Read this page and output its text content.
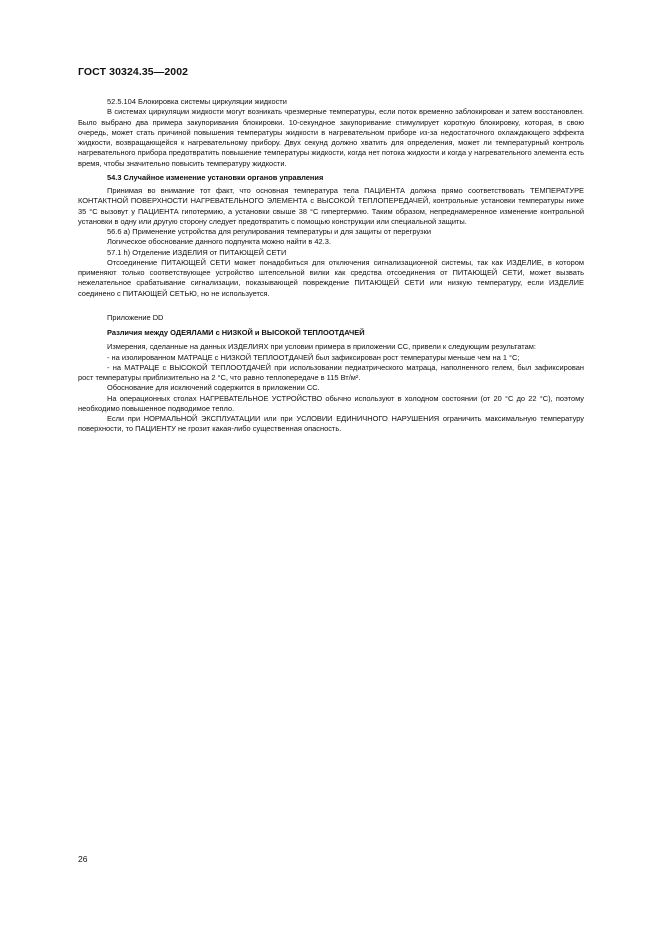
ГОСТ 30324.35—2002

52.5.104 Блокировка системы циркуляции жидкости

В системах циркуляции жидкости могут возникать чрезмерные температуры, если поток временно заблокирован и затем восстановлен. Было выбрано два примера закупоривания блокировки. 10-секундное закупоривание стимулирует короткую блокировку, которая, в свою очередь, может стать причиной повышения температуры жидкости в нагревательном приборе из-за недостаточного охлаждающего эффекта жидкости, возвращающейся к нагревательному прибору. Двух секунд должно хватить для определения, может ли температурный контроль нагревательного прибора предотвратить повышение температуры жидкости, когда нет потока жидкости и когда у нагревательного элемента есть время, чтобы значительно повысить температуру жидкости.

54.3 Случайное изменение установки органов управления

Принимая во внимание тот факт, что основная температура тела ПАЦИЕНТА должна прямо соответствовать ТЕМПЕРАТУРЕ КОНТАКТНОЙ ПОВЕРХНОСТИ НАГРЕВАТЕЛЬНОГО ЭЛЕМЕНТА с ВЫСОКОЙ ТЕПЛОПЕРЕДАЧЕЙ, контрольные установки температуры ниже 35 °С вызовут у ПАЦИЕНТА гипотермию, а установки свыше 38 °С гипертермию. Таким образом, непреднамеренное изменение контрольной установки в одну или другую сторону следует предотвратить с помощью конструкции или специальной защиты.

56.6 а) Применение устройства для регулирования температуры и для защиты от перегрузки

Логическое обоснование данного подпункта можно найти в 42.3.

57.1 h) Отделение ИЗДЕЛИЯ от ПИТАЮЩЕЙ СЕТИ

Отсоединение ПИТАЮЩЕЙ СЕТИ может понадобиться для отключения сигнализационной системы, так как ИЗДЕЛИЕ, в котором применяют только соответствующее устройство штепсельной вилки как средства отсоединения от ПИТАЮЩЕЙ СЕТИ, может вызвать нежелательное срабатывание сигнализации, показывающей повреждение ПИТАЮЩЕЙ СЕТИ или низкую температуру, если ИЗДЕЛИЕ соединено с ПИТАЮЩЕЙ СЕТЬЮ, но не используется.

Приложение DD

Различия между ОДЕЯЛАМИ с НИЗКОЙ и ВЫСОКОЙ ТЕПЛООТДАЧЕЙ

Измерения, сделанные на данных ИЗДЕЛИЯХ при условии примера в приложении СС, привели к следующим результатам:

- на изолированном МАТРАЦЕ с НИЗКОЙ ТЕПЛООТДАЧЕЙ был зафиксирован рост температуры меньше чем на 1 °С;

- на МАТРАЦЕ с ВЫСОКОЙ ТЕПЛООТДАЧЕЙ при использовании педиатрического матраца, наполненного гелем, был зафиксирован рост температуры приблизительно на 2 °С, что равно теплопередаче в 115 Вт/м².

Обоснование для исключений содержится в приложении СС.

На операционных столах НАГРЕВАТЕЛЬНОЕ УСТРОЙСТВО обычно используют в холодном состоянии (от 20 °С до 22 °С), поэтому необходимо повышенное подводимое тепло.

Если при НОРМАЛЬНОЙ ЭКСПЛУАТАЦИИ или при УСЛОВИИ ЕДИНИЧНОГО НАРУШЕНИЯ ограничить максимальную температуру поверхности, то ПАЦИЕНТУ не грозит какая-либо существенная опасность.

26
